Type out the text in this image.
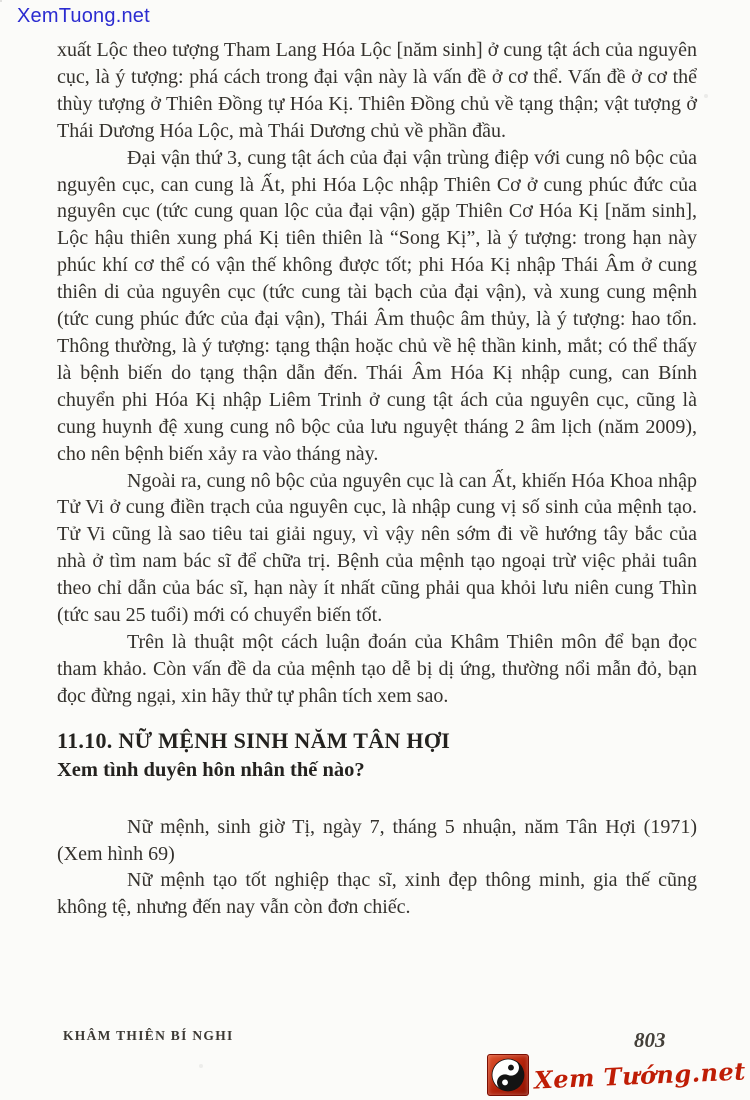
XemTuong.net

xuất Lộc theo tượng Tham Lang Hóa Lộc [năm sinh] ở cung tật ách của nguyên cục, là ý tượng: phá cách trong đại vận này là vấn đề ở cơ thể. Vấn đề ở cơ thể thùy tượng ở Thiên Đồng tự Hóa Kị. Thiên Đồng chủ về tạng thận; vật tượng ở Thái Dương Hóa Lộc, mà Thái Dương chủ về phần đầu.

Đại vận thứ 3, cung tật ách của đại vận trùng điệp với cung nô bộc của nguyên cục, can cung là Ất, phi Hóa Lộc nhập Thiên Cơ ở cung phúc đức của nguyên cục (tức cung quan lộc của đại vận) gặp Thiên Cơ Hóa Kị [năm sinh], Lộc hậu thiên xung phá Kị tiên thiên là “Song Kị”, là ý tượng: trong hạn này phúc khí cơ thể có vận thế không được tốt; phi Hóa Kị nhập Thái Âm ở cung thiên di của nguyên cục (tức cung tài bạch của đại vận), và xung cung mệnh (tức cung phúc đức của đại vận), Thái Âm thuộc âm thủy, là ý tượng: hao tổn. Thông thường, là ý tượng: tạng thận hoặc chủ về hệ thần kinh, mắt; có thể thấy là bệnh biến do tạng thận dẫn đến. Thái Âm Hóa Kị nhập cung, can Bính chuyển phi Hóa Kị nhập Liêm Trinh ở cung tật ách của nguyên cục, cũng là cung huynh đệ xung cung nô bộc của lưu nguyệt tháng 2 âm lịch (năm 2009), cho nên bệnh biến xảy ra vào tháng này.

Ngoài ra, cung nô bộc của nguyên cục là can Ất, khiến Hóa Khoa nhập Tử Vi ở cung điền trạch của nguyên cục, là nhập cung vị số sinh của mệnh tạo. Tử Vi cũng là sao tiêu tai giải nguy, vì vậy nên sớm đi về hướng tây bắc của nhà ở tìm nam bác sĩ để chữa trị. Bệnh của mệnh tạo ngoại trừ việc phải tuân theo chỉ dẫn của bác sĩ, hạn này ít nhất cũng phải qua khỏi lưu niên cung Thìn (tức sau 25 tuổi) mới có chuyển biến tốt.

Trên là thuật một cách luận đoán của Khâm Thiên môn để bạn đọc tham khảo. Còn vấn đề da của mệnh tạo dễ bị dị ứng, thường nổi mẫn đỏ, bạn đọc đừng ngại, xin hãy thử tự phân tích xem sao.

11.10. NỮ MỆNH SINH NĂM TÂN HỢI
Xem tình duyên hôn nhân thế nào?

Nữ mệnh, sinh giờ Tị, ngày 7, tháng 5 nhuận, năm Tân Hợi (1971) (Xem hình 69)

Nữ mệnh tạo tốt nghiệp thạc sĩ, xinh đẹp thông minh, gia thế cũng không tệ, nhưng đến nay vẫn còn đơn chiếc.

KHÂM THIÊN BÍ NGHI	803
Xem Tướng.net
